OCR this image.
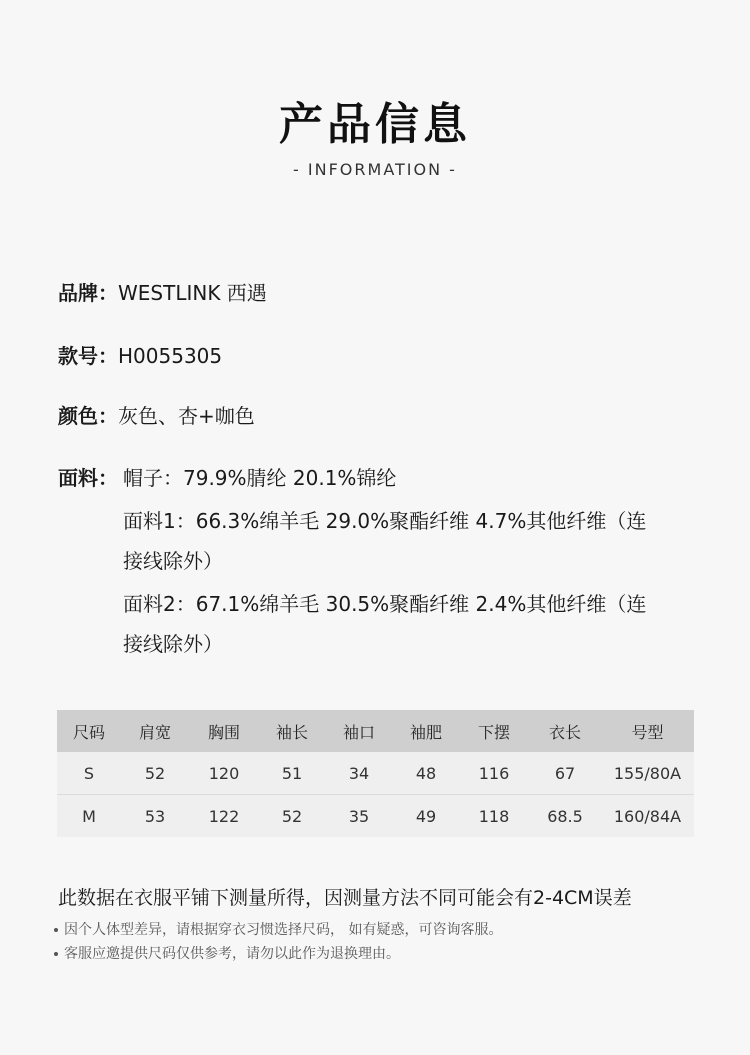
产品信息
- INFORMATION -
品牌：WESTLINK 西遇
款号：H0055305
颜色：灰色、杏+咖色
面料： 帽子：79.9%腈纶 20.1%锦纶
面料1：66.3%绵羊毛 29.0%聚酯纤维 4.7%其他纤维（连
接线除外）
面料2：67.1%绵羊毛 30.5%聚酯纤维 2.4%其他纤维（连
接线除外）
尺码	肩宽	胸围	袖长	袖口	袖肥	下摆	衣长	号型
S	52	120	51	34	48	116	67	155/80A
M	53	122	52	35	49	118	68.5	160/84A
此数据在衣服平铺下测量所得，因测量方法不同可能会有2-4CM误差
因个人体型差异，请根据穿衣习惯选择尺码， 如有疑惑，可咨询客服。
客服应邀提供尺码仅供参考，请勿以此作为退换理由。
